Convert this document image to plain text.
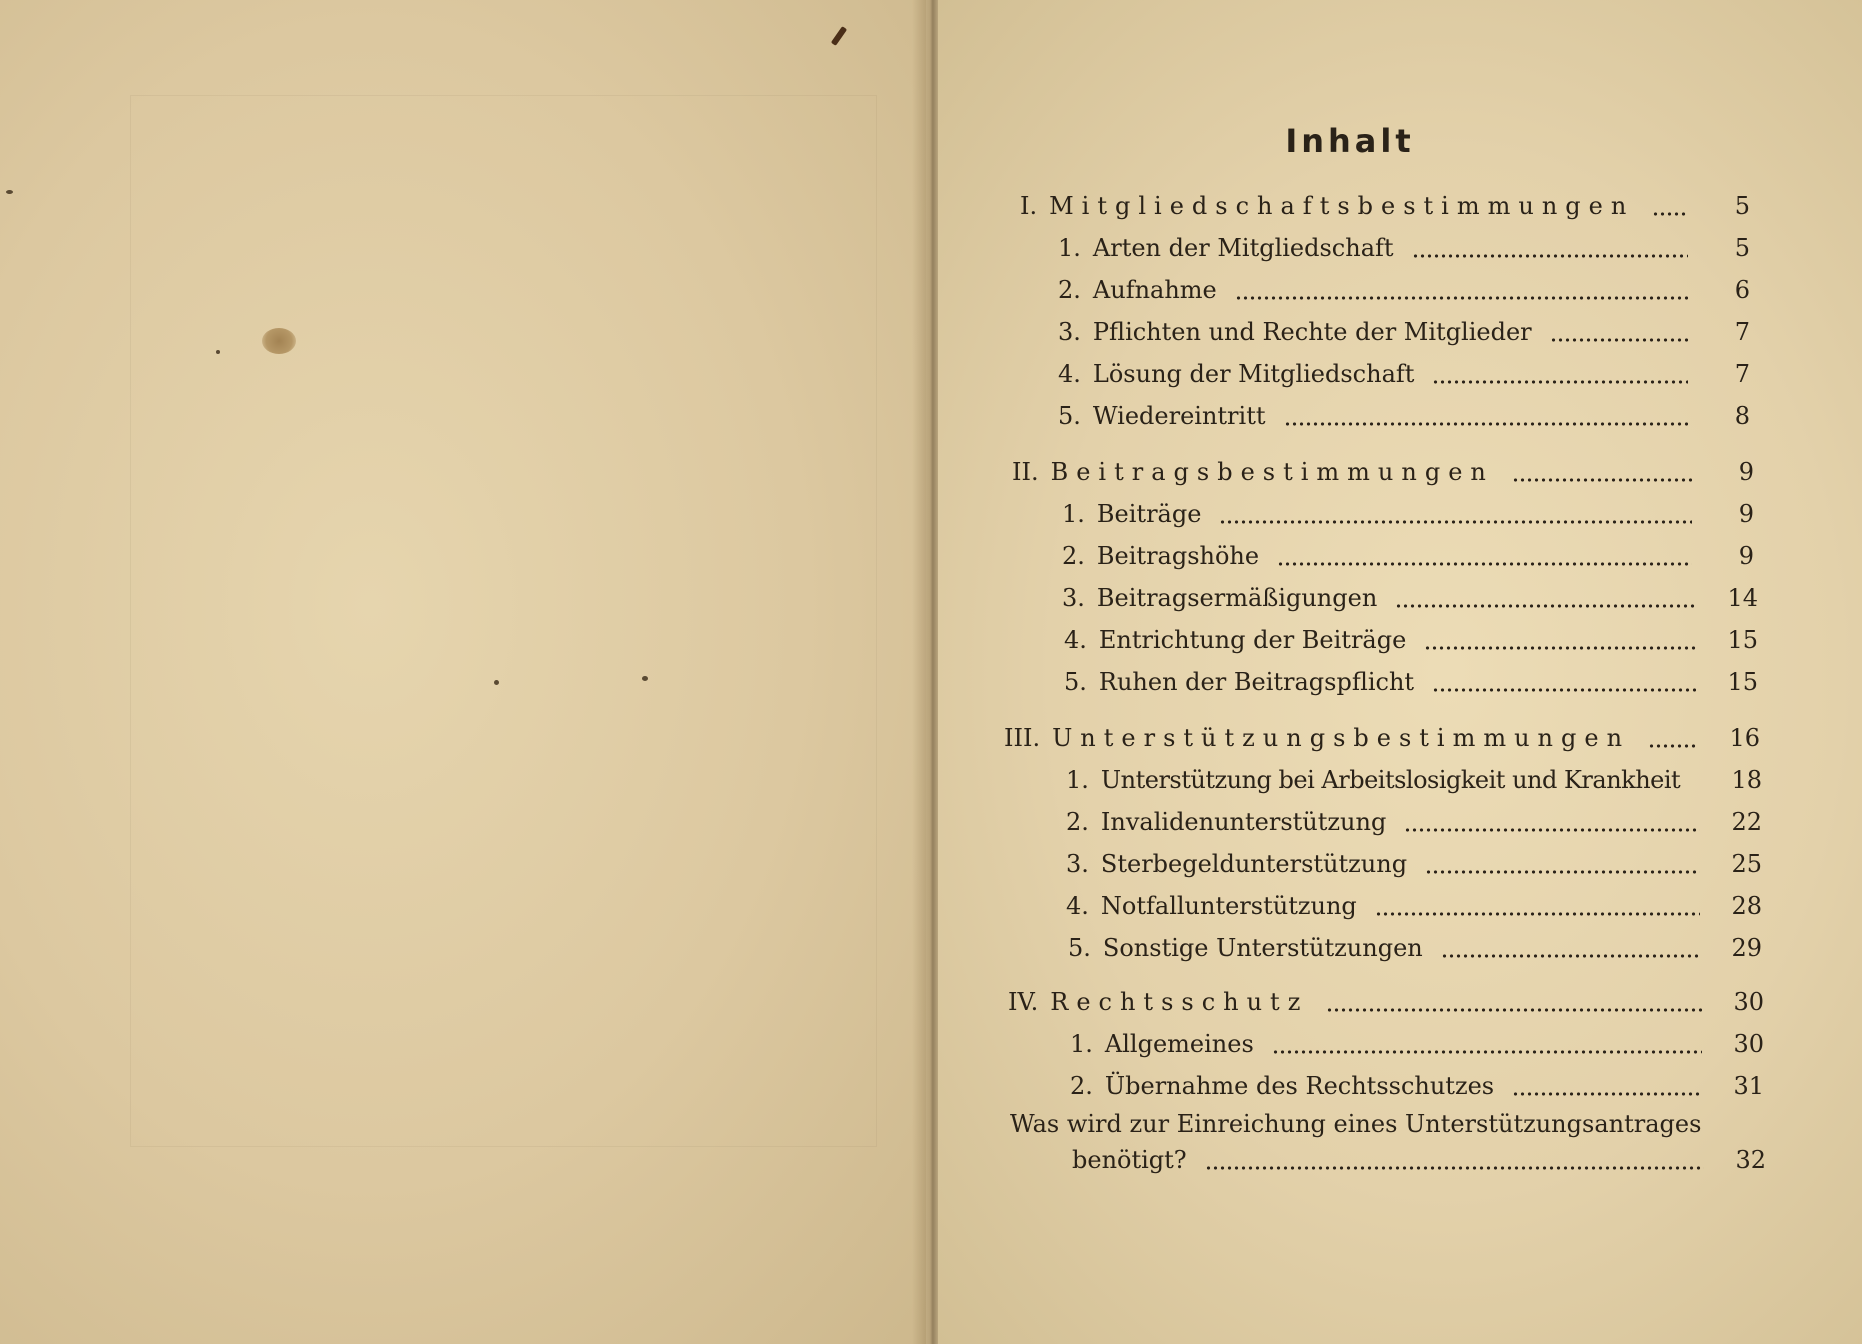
Inhalt
I. Mitgliedschaftsbestimmungen	5
1. Arten der Mitgliedschaft	5
2. Aufnahme	6
3. Pflichten und Rechte der Mitglieder	7
4. Lösung der Mitgliedschaft	7
5. Wiedereintritt	8
II. Beitragsbestimmungen	9
1. Beiträge	9
2. Beitragshöhe	9
3. Beitragsermäßigungen	14
4. Entrichtung der Beiträge	15
5. Ruhen der Beitragspflicht	15
III. Unterstützungsbestimmungen	16
1. Unterstützung bei Arbeitslosigkeit und Krankheit	18
2. Invalidenunterstützung	22
3. Sterbegeldunterstützung	25
4. Notfallunterstützung	28
5. Sonstige Unterstützungen	29
IV. Rechtsschutz	30
1. Allgemeines	30
2. Übernahme des Rechtsschutzes	31
Was wird zur Einreichung eines Unterstützungsantrages
benötigt?	32
